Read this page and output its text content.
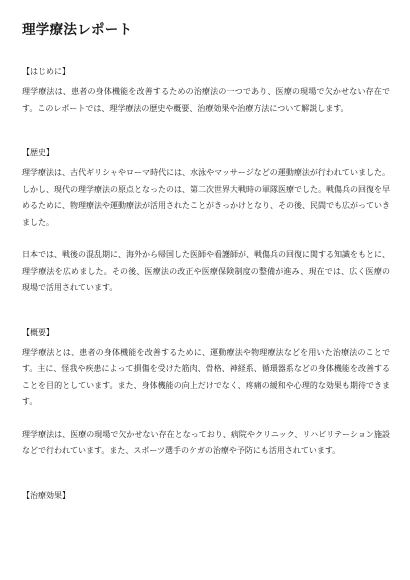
理学療法レポート
【はじめに】

理学療法は、患者の身体機能を改善するための治療法の一つであり、医療の現場で欠かせない存在です。このレポートでは、理学療法の歴史や概要、治療効果や治療方法について解説します。

【歴史】

理学療法は、古代ギリシャやローマ時代には、水泳やマッサージなどの運動療法が行われていました。しかし、現代の理学療法の原点となったのは、第二次世界大戦時の軍隊医療でした。戦傷兵の回復を早めるために、物理療法や運動療法が活用されたことがきっかけとなり、その後、民間でも広がっていきました。

日本では、戦後の混乱期に、海外から帰国した医師や看護師が、戦傷兵の回復に関する知識をもとに、理学療法を広めました。その後、医療法の改正や医療保険制度の整備が進み、現在では、広く医療の現場で活用されています。

【概要】

理学療法とは、患者の身体機能を改善するために、運動療法や物理療法などを用いた治療法のことです。主に、怪我や疾患によって損傷を受けた筋肉、骨格、神経系、循環器系などの身体機能を改善することを目的としています。また、身体機能の向上だけでなく、疼痛の緩和や心理的な効果も期待できます。

理学療法は、医療の現場で欠かせない存在となっており、病院やクリニック、リハビリテーション施設などで行われています。また、スポーツ選手のケガの治療や予防にも活用されています。

【治療効果】
